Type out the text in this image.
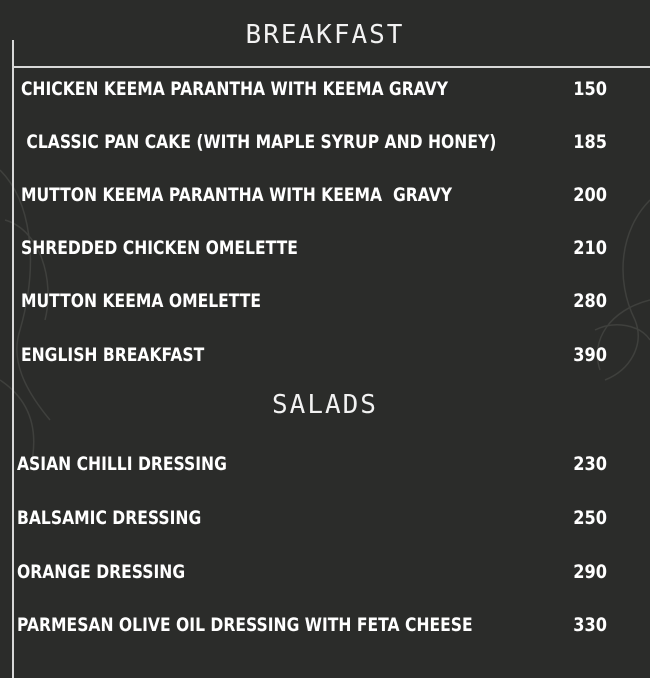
BREAKFAST
CHICKEN KEEMA PARANTHA WITH KEEMA GRAVY	150
CLASSIC PAN CAKE (WITH MAPLE SYRUP AND HONEY)	185
MUTTON KEEMA PARANTHA WITH KEEMA  GRAVY	200
SHREDDED CHICKEN OMELETTE	210
MUTTON KEEMA OMELETTE	280
ENGLISH BREAKFAST	390
SALADS
ASIAN CHILLI DRESSING	230
BALSAMIC DRESSING	250
ORANGE DRESSING	290
PARMESAN OLIVE OIL DRESSING WITH FETA CHEESE	330
